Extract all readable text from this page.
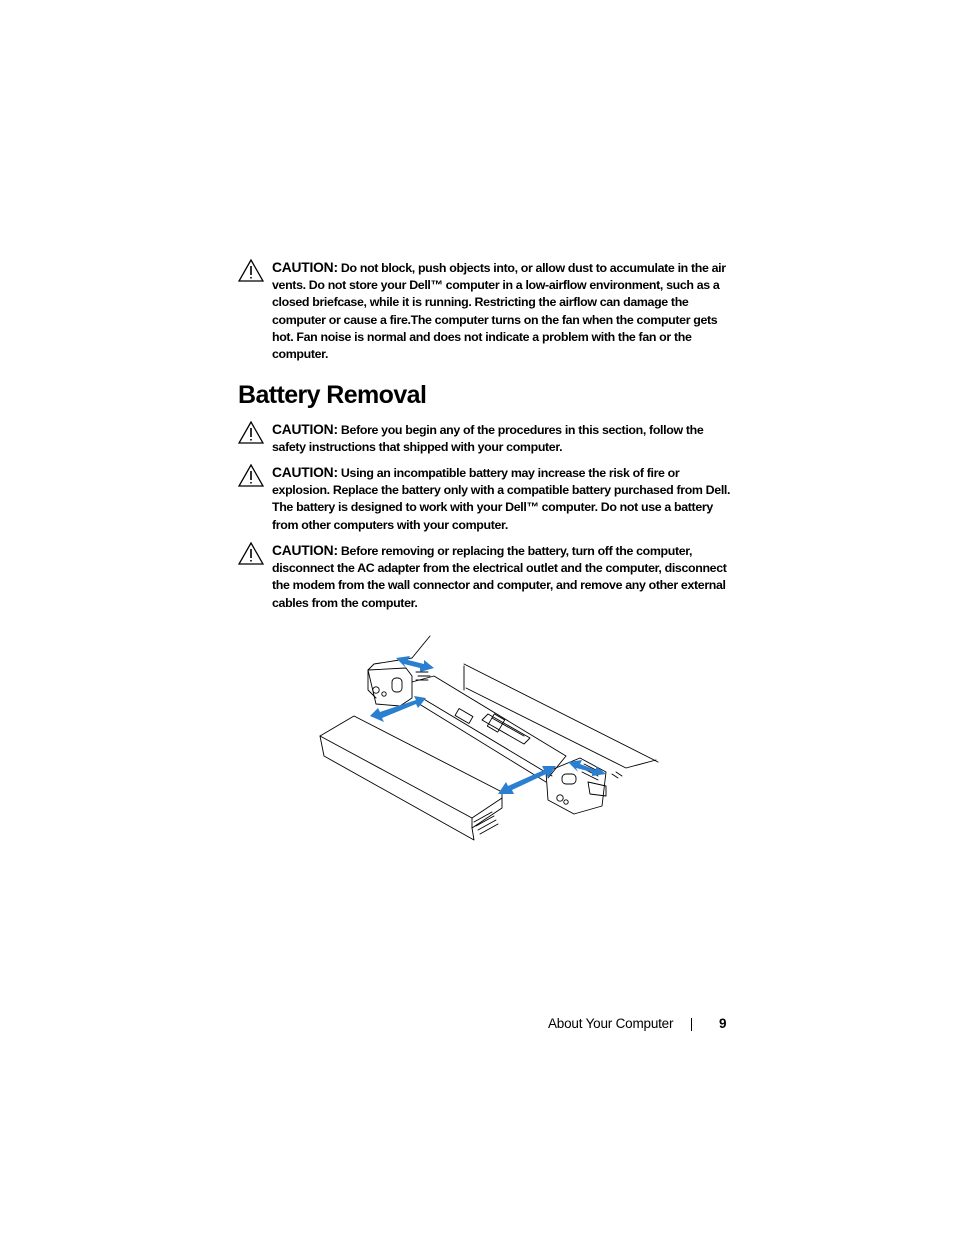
CAUTION: Do not block, push objects into, or allow dust to accumulate in the air vents. Do not store your Dell™ computer in a low-airflow environment, such as a closed briefcase, while it is running. Restricting the airflow can damage the computer or cause a fire.The computer turns on the fan when the computer gets hot. Fan noise is normal and does not indicate a problem with the fan or the computer.
Battery Removal
CAUTION: Before you begin any of the procedures in this section, follow the safety instructions that shipped with your computer.
CAUTION: Using an incompatible battery may increase the risk of fire or explosion. Replace the battery only with a compatible battery purchased from Dell. The battery is designed to work with your Dell™ computer. Do not use a battery from other computers with your computer.
CAUTION: Before removing or replacing the battery, turn off the computer, disconnect the AC adapter from the electrical outlet and the computer, disconnect the modem from the wall connector and computer, and remove any other external cables from the computer.
About Your Computer	9
